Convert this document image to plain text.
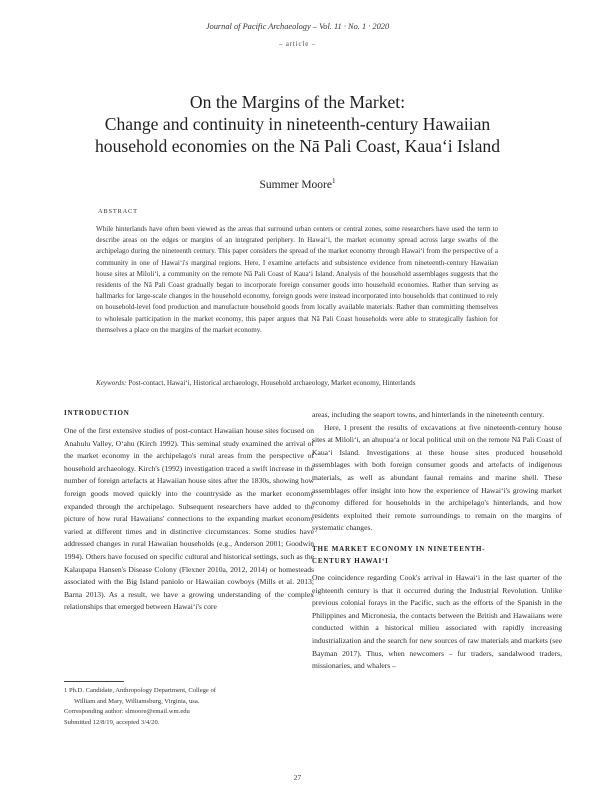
Journal of Pacific Archaeology – Vol. 11 · No. 1 · 2020
– article –
On the Margins of the Market:
Change and continuity in nineteenth-century Hawaiian
household economies on the Nā Pali Coast, Kauaʻi Island
Summer Moore$^1$
ABSTRACT

While hinterlands have often been viewed as the areas that surround urban centers or central zones, some researchers have used the term to describe areas on the edges or margins of an integrated periphery. In Hawaiʻi, the market economy spread across large swaths of the archipelago during the nineteenth century. This paper considers the spread of the market economy through Hawaiʻi from the perspective of a community in one of Hawaiʻi's marginal regions. Here, I examine artefacts and subsistence evidence from nineteenth-century Hawaiian house sites at Miloliʻi, a community on the remote Nā Pali Coast of Kauaʻi Island. Analysis of the household assemblages suggests that the residents of the Nā Pali Coast gradually began to incorporate foreign consumer goods into household economies. Rather than serving as hallmarks for large-scale changes in the household economy, foreign goods were instead incorporated into households that continued to rely on household-level food production and manufacture household goods from locally available materials. Rather than committing themselves to wholesale participation in the market economy, this paper argues that Nā Pali Coast households were able to strategically fashion for themselves a place on the margins of the market economy.

Keywords: Post-contact, Hawaiʻi, Historical archaeology, Household archaeology, Market economy, Hinterlands
INTRODUCTION

One of the first extensive studies of post-contact Hawaiian house sites focused on Anahulu Valley, Oʻahu (Kirch 1992). This seminal study examined the arrival of the market economy in the archipelago's rural areas from the perspective of household archaeology. Kirch's (1992) investigation traced a swift increase in the number of foreign artefacts at Hawaiian house sites after the 1830s, showing how foreign goods moved quickly into the countryside as the market economy expanded through the archipelago. Subsequent researchers have added to the picture of how rural Hawaiians' connections to the expanding market economy varied at different times and in distinctive circumstances. Some studies have addressed changes in rural Hawaiian households (e.g., Anderson 2001; Goodwin 1994). Others have focused on specific cultural and historical settings, such as the Kalaupapa Hansen's Disease Colony (Flexner 2010a, 2012, 2014) or homesteads associated with the Big Island paniolo or Hawaiian cowboys (Mills et al. 2013; Barna 2013). As a result, we have a growing understanding of the complex relationships that emerged between Hawaiʻi's core

areas, including the seaport towns, and hinterlands in the nineteenth century.

Here, I present the results of excavations at five nineteenth-century house sites at Miloliʻi, an ahupuaʻa or local political unit on the remote Nā Pali Coast of Kauaʻi Island. Investigations at these house sites produced household assemblages with both foreign consumer goods and artefacts of indigenous materials, as well as abundant faunal remains and marine shell. These assemblages offer insight into how the experience of Hawaiʻi's growing market economy differed for households in the archipelago's hinterlands, and how residents exploited their remote surroundings to remain on the margins of systematic changes.

THE MARKET ECONOMY IN NINETEENTH-
CENTURY HAWAIʻI

One coincidence regarding Cook's arrival in Hawaiʻi in the last quarter of the eighteenth century is that it occurred during the Industrial Revolution. Unlike previous colonial forays in the Pacific, such as the efforts of the Spanish in the Philippines and Micronesia, the contacts between the British and Hawaiians were conducted within a historical milieu associated with rapidly increasing industrialization and the search for new sources of raw materials and markets (see Bayman 2017). Thus, when newcomers – fur traders, sandalwood traders, missionaries, and whalers –

1 Ph.D. Candidate, Anthropology Department, College of
William and Mary, Williamsburg, Virginia, usa.
Corresponding author: slmoore@email.wm.edu
Submitted 12/8/19, accepted 3/4/20.
27
